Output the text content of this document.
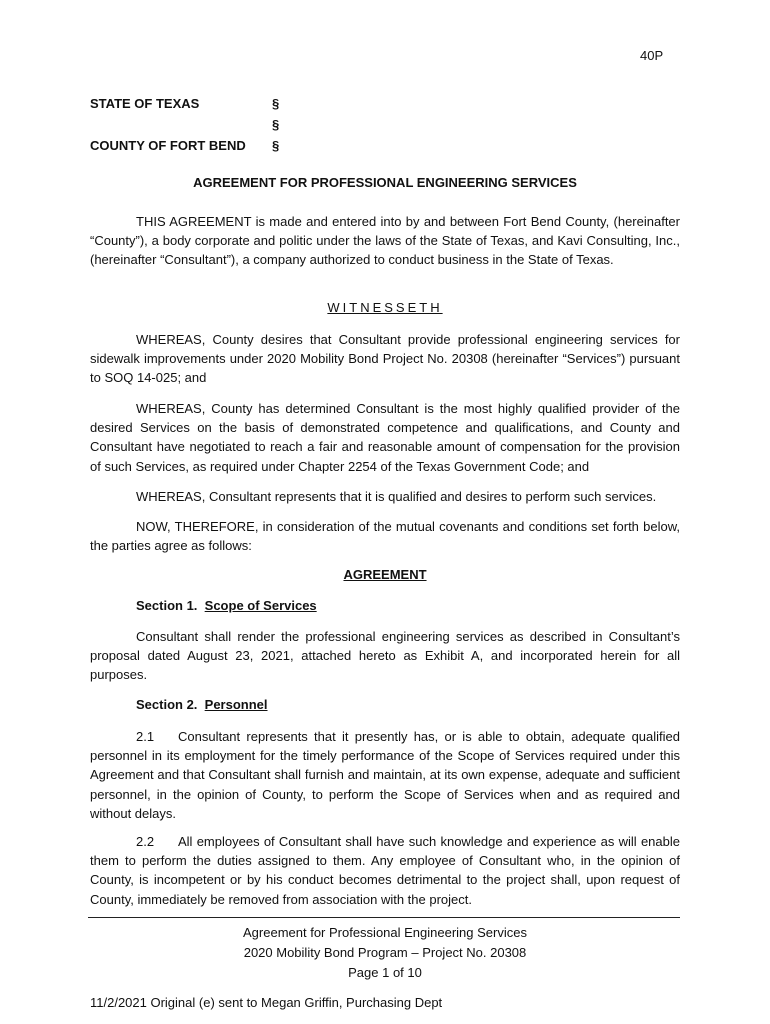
40P

STATE OF TEXAS

COUNTY OF FORT BEND

§

§

§

AGREEMENT FOR PROFESSIONAL ENGINEERING SERVICES

THIS AGREEMENT is made and entered into by and between Fort Bend County, (hereinafter “County”), a body corporate and politic under the laws of the State of Texas, and Kavi Consulting, Inc., (hereinafter “Consultant”), a company authorized to conduct business in the State of Texas.

WITNESSETH

WHEREAS, County desires that Consultant provide professional engineering services for sidewalk improvements under 2020 Mobility Bond Project No. 20308 (hereinafter “Services”) pursuant to SOQ 14-025; and

WHEREAS, County has determined Consultant is the most highly qualified provider of the desired Services on the basis of demonstrated competence and qualifications, and County and Consultant have negotiated to reach a fair and reasonable amount of compensation for the provision of such Services, as required under Chapter 2254 of the Texas Government Code; and

WHEREAS, Consultant represents that it is qualified and desires to perform such services.

NOW, THEREFORE, in consideration of the mutual covenants and conditions set forth below, the parties agree as follows:

AGREEMENT

Section 1. Scope of Services

Consultant shall render the professional engineering services as described in Consultant’s proposal dated August 23, 2021, attached hereto as Exhibit A, and incorporated herein for all purposes.

Section 2. Personnel

2.1 Consultant represents that it presently has, or is able to obtain, adequate qualified personnel in its employment for the timely performance of the Scope of Services required under this Agreement and that Consultant shall furnish and maintain, at its own expense, adequate and sufficient personnel, in the opinion of County, to perform the Scope of Services when and as required and without delays.

2.2 All employees of Consultant shall have such knowledge and experience as will enable them to perform the duties assigned to them. Any employee of Consultant who, in the opinion of County, is incompetent or by his conduct becomes detrimental to the project shall, upon request of County, immediately be removed from association with the project.

Agreement for Professional Engineering Services
2020 Mobility Bond Program – Project No. 20308
Page 1 of 10

11/2/2021 Original (e) sent to Megan Griffin, Purchasing Dept
